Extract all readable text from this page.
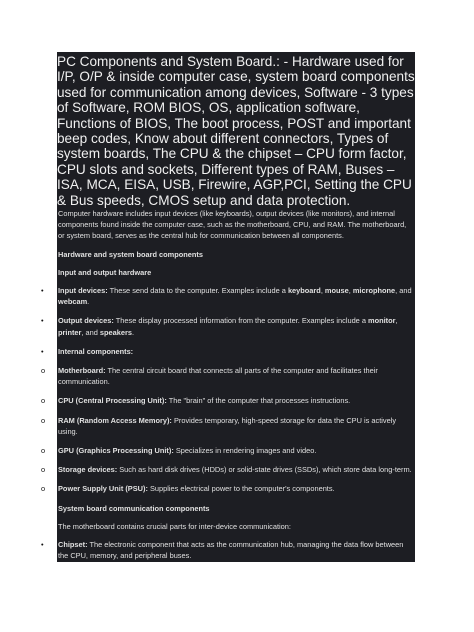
PC Components and System Board.: - Hardware used for I/P, O/P & inside computer case, system board components used for communication among devices, Software - 3 types of Software, ROM BIOS, OS, application software, Functions of BIOS, The boot process, POST and important beep codes, Know about different connectors, Types of system boards, The CPU & the chipset – CPU form factor, CPU slots and sockets, Different types of RAM, Buses – ISA, MCA, EISA, USB, Firewire, AGP,PCI, Setting the CPU & Bus speeds, CMOS setup and data protection.

Computer hardware includes input devices (like keyboards), output devices (like monitors), and internal components found inside the computer case, such as the motherboard, CPU, and RAM. The motherboard, or system board, serves as the central hub for communication between all components.

Hardware and system board components

Input and output hardware

• Input devices: These send data to the computer. Examples include a keyboard, mouse, microphone, and webcam.

• Output devices: These display processed information from the computer. Examples include a monitor, printer, and speakers.

• Internal components:

o Motherboard: The central circuit board that connects all parts of the computer and facilitates their communication.

o CPU (Central Processing Unit): The "brain" of the computer that processes instructions.

o RAM (Random Access Memory): Provides temporary, high-speed storage for data the CPU is actively using.

o GPU (Graphics Processing Unit): Specializes in rendering images and video.

o Storage devices: Such as hard disk drives (HDDs) or solid-state drives (SSDs), which store data long-term.

o Power Supply Unit (PSU): Supplies electrical power to the computer's components.

System board communication components

The motherboard contains crucial parts for inter-device communication:

• Chipset: The electronic component that acts as the communication hub, managing the data flow between the CPU, memory, and peripheral buses.
